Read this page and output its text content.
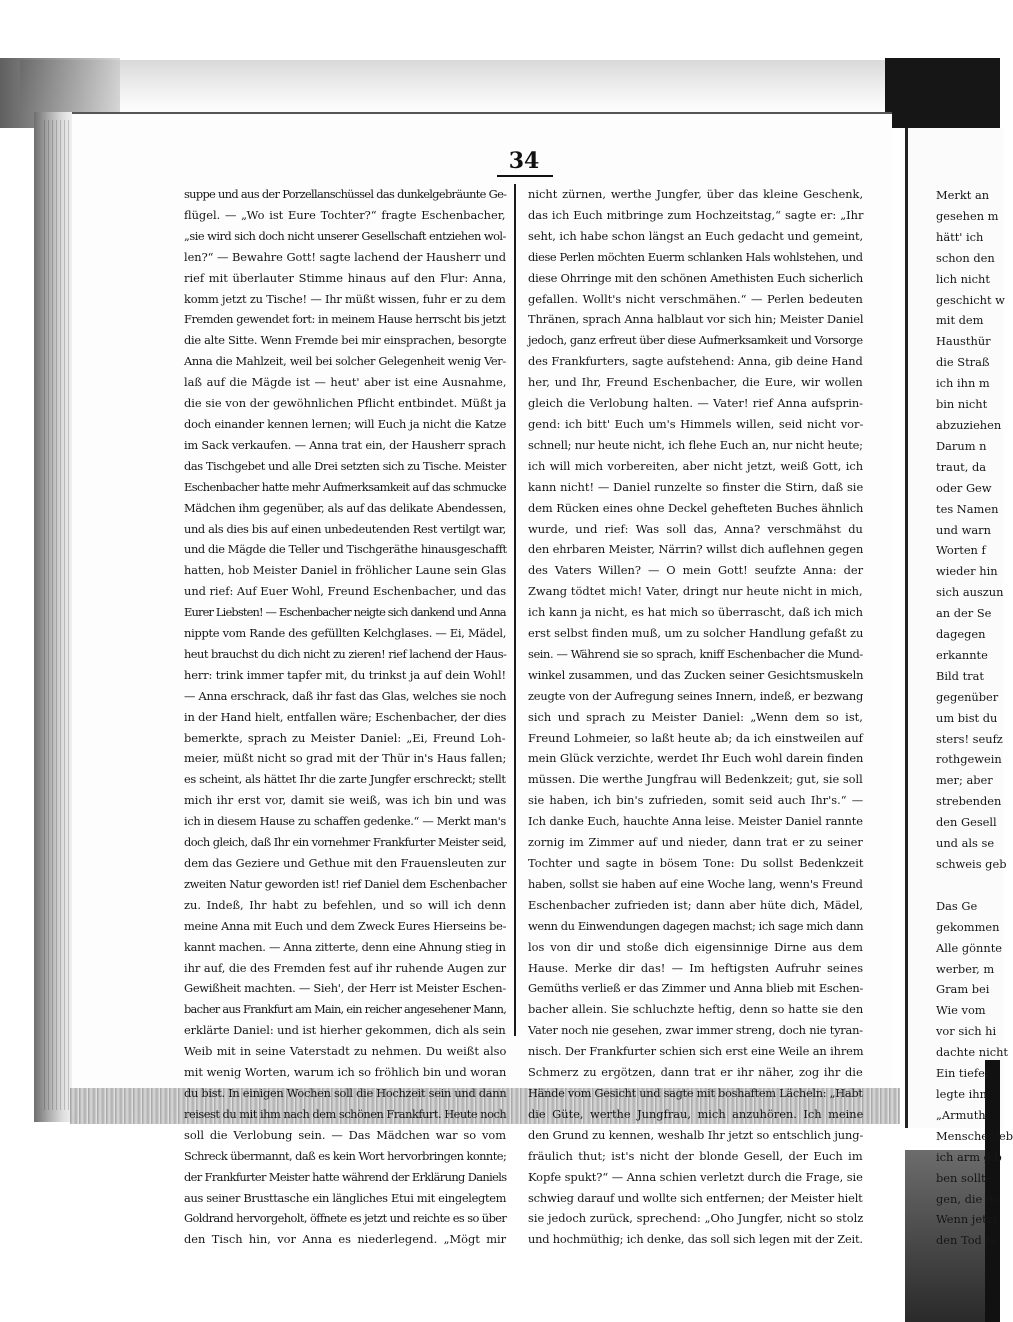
34
suppe und aus der Porzellanschüssel das dunkelgebräunte Ge-
flügel. — „Wo ist Eure Tochter?“ fragte Eschenbacher,
„sie wird sich doch nicht unserer Gesellschaft entziehen wol-
len?“ — Bewahre Gott! sagte lachend der Hausherr und
rief mit überlauter Stimme hinaus auf den Flur: Anna,
komm jetzt zu Tische! — Ihr müßt wissen, fuhr er zu dem
Fremden gewendet fort: in meinem Hause herrscht bis jetzt
die alte Sitte. Wenn Fremde bei mir einsprachen, besorgte
Anna die Mahlzeit, weil bei solcher Gelegenheit wenig Ver-
laß auf die Mägde ist — heut' aber ist eine Ausnahme,
die sie von der gewöhnlichen Pflicht entbindet. Müßt ja
doch einander kennen lernen; will Euch ja nicht die Katze
im Sack verkaufen. — Anna trat ein, der Hausherr sprach
das Tischgebet und alle Drei setzten sich zu Tische. Meister
Eschenbacher hatte mehr Aufmerksamkeit auf das schmucke
Mädchen ihm gegenüber, als auf das delikate Abendessen,
und als dies bis auf einen unbedeutenden Rest vertilgt war,
und die Mägde die Teller und Tischgeräthe hinausgeschafft
hatten, hob Meister Daniel in fröhlicher Laune sein Glas
und rief: Auf Euer Wohl, Freund Eschenbacher, und das
Eurer Liebsten! — Eschenbacher neigte sich dankend und Anna
nippte vom Rande des gefüllten Kelchglases. — Ei, Mädel,
heut brauchst du dich nicht zu zieren! rief lachend der Haus-
herr: trink immer tapfer mit, du trinkst ja auf dein Wohl!
— Anna erschrack, daß ihr fast das Glas, welches sie noch
in der Hand hielt, entfallen wäre; Eschenbacher, der dies
bemerkte, sprach zu Meister Daniel: „Ei, Freund Loh-
meier, müßt nicht so grad mit der Thür in's Haus fallen;
es scheint, als hättet Ihr die zarte Jungfer erschreckt; stellt
mich ihr erst vor, damit sie weiß, was ich bin und was
ich in diesem Hause zu schaffen gedenke.“ — Merkt man's
doch gleich, daß Ihr ein vornehmer Frankfurter Meister seid,
dem das Geziere und Gethue mit den Frauensleuten zur
zweiten Natur geworden ist! rief Daniel dem Eschenbacher
zu. Indeß, Ihr habt zu befehlen, und so will ich denn
meine Anna mit Euch und dem Zweck Eures Hierseins be-
kannt machen. — Anna zitterte, denn eine Ahnung stieg in
ihr auf, die des Fremden fest auf ihr ruhende Augen zur
Gewißheit machten. — Sieh', der Herr ist Meister Eschen-
bacher aus Frankfurt am Main, ein reicher angesehener Mann,
erklärte Daniel: und ist hierher gekommen, dich als sein
Weib mit in seine Vaterstadt zu nehmen. Du weißt also
mit wenig Worten, warum ich so fröhlich bin und woran
du bist. In einigen Wochen soll die Hochzeit sein und dann
reisest du mit ihm nach dem schönen Frankfurt. Heute noch
soll die Verlobung sein. — Das Mädchen war so vom
Schreck übermannt, daß es kein Wort hervorbringen konnte;
der Frankfurter Meister hatte während der Erklärung Daniels
aus seiner Brusttasche ein längliches Etui mit eingelegtem
Goldrand hervorgeholt, öffnete es jetzt und reichte es so über
den Tisch hin, vor Anna es niederlegend. „Mögt mir
nicht zürnen, werthe Jungfer, über das kleine Geschenk,
das ich Euch mitbringe zum Hochzeitstag,“ sagte er: „Ihr
seht, ich habe schon längst an Euch gedacht und gemeint,
diese Perlen möchten Euerm schlanken Hals wohlstehen, und
diese Ohrringe mit den schönen Amethisten Euch sicherlich
gefallen. Wollt's nicht verschmähen.“ — Perlen bedeuten
Thränen, sprach Anna halblaut vor sich hin; Meister Daniel
jedoch, ganz erfreut über diese Aufmerksamkeit und Vorsorge
des Frankfurters, sagte aufstehend: Anna, gib deine Hand
her, und Ihr, Freund Eschenbacher, die Eure, wir wollen
gleich die Verlobung halten. — Vater! rief Anna aufsprin-
gend: ich bitt' Euch um's Himmels willen, seid nicht vor-
schnell; nur heute nicht, ich flehe Euch an, nur nicht heute;
ich will mich vorbereiten, aber nicht jetzt, weiß Gott, ich
kann nicht! — Daniel runzelte so finster die Stirn, daß sie
dem Rücken eines ohne Deckel gehefteten Buches ähnlich
wurde, und rief: Was soll das, Anna? verschmähst du
den ehrbaren Meister, Närrin? willst dich auflehnen gegen
des Vaters Willen? — O mein Gott! seufzte Anna: der
Zwang tödtet mich! Vater, dringt nur heute nicht in mich,
ich kann ja nicht, es hat mich so überrascht, daß ich mich
erst selbst finden muß, um zu solcher Handlung gefaßt zu
sein. — Während sie so sprach, kniff Eschenbacher die Mund-
winkel zusammen, und das Zucken seiner Gesichtsmuskeln
zeugte von der Aufregung seines Innern, indeß, er bezwang
sich und sprach zu Meister Daniel: „Wenn dem so ist,
Freund Lohmeier, so laßt heute ab; da ich einstweilen auf
mein Glück verzichte, werdet Ihr Euch wohl darein finden
müssen. Die werthe Jungfrau will Bedenkzeit; gut, sie soll
sie haben, ich bin's zufrieden, somit seid auch Ihr's.“ —
Ich danke Euch, hauchte Anna leise. Meister Daniel rannte
zornig im Zimmer auf und nieder, dann trat er zu seiner
Tochter und sagte in bösem Tone: Du sollst Bedenkzeit
haben, sollst sie haben auf eine Woche lang, wenn's Freund
Eschenbacher zufrieden ist; dann aber hüte dich, Mädel,
wenn du Einwendungen dagegen machst; ich sage mich dann
los von dir und stoße dich eigensinnige Dirne aus dem
Hause. Merke dir das! — Im heftigsten Aufruhr seines
Gemüths verließ er das Zimmer und Anna blieb mit Eschen-
bacher allein. Sie schluchzte heftig, denn so hatte sie den
Vater noch nie gesehen, zwar immer streng, doch nie tyran-
nisch. Der Frankfurter schien sich erst eine Weile an ihrem
Schmerz zu ergötzen, dann trat er ihr näher, zog ihr die
Hände vom Gesicht und sagte mit boshaftem Lächeln: „Habt
die Güte, werthe Jungfrau, mich anzuhören. Ich meine
den Grund zu kennen, weshalb Ihr jetzt so entschlich jung-
fräulich thut; ist's nicht der blonde Gesell, der Euch im
Kopfe spukt?“ — Anna schien verletzt durch die Frage, sie
schwieg darauf und wollte sich entfernen; der Meister hielt
sie jedoch zurück, sprechend: „Oho Jungfer, nicht so stolz
und hochmüthig; ich denke, das soll sich legen mit der Zeit.
Merkt an
gesehen m
hätt' ich
schon den
lich nicht
geschicht w
mit dem
Hausthür
die Straß
ich ihn m
bin nicht
abzuziehen
Darum n
traut, da
oder Gew
tes Namen
und warn
Worten f
wieder hin
sich auszun
an der Se
dagegen
erkannte
Bild trat
gegenüber
um bist du
sters! seufz
rothgewein
mer; aber
strebenden
den Gesell
und als se
schweis geb

Das Ge
gekommen
Alle gönnte
werber, m
Gram bei
Wie vom
vor sich hi
dachte nicht
Ein tiefer
legte ihm
„Armuth,
Menschenleb
ich arm g.b
ben sollte,
gen, die do
Wenn jetzt
den Tod fä
